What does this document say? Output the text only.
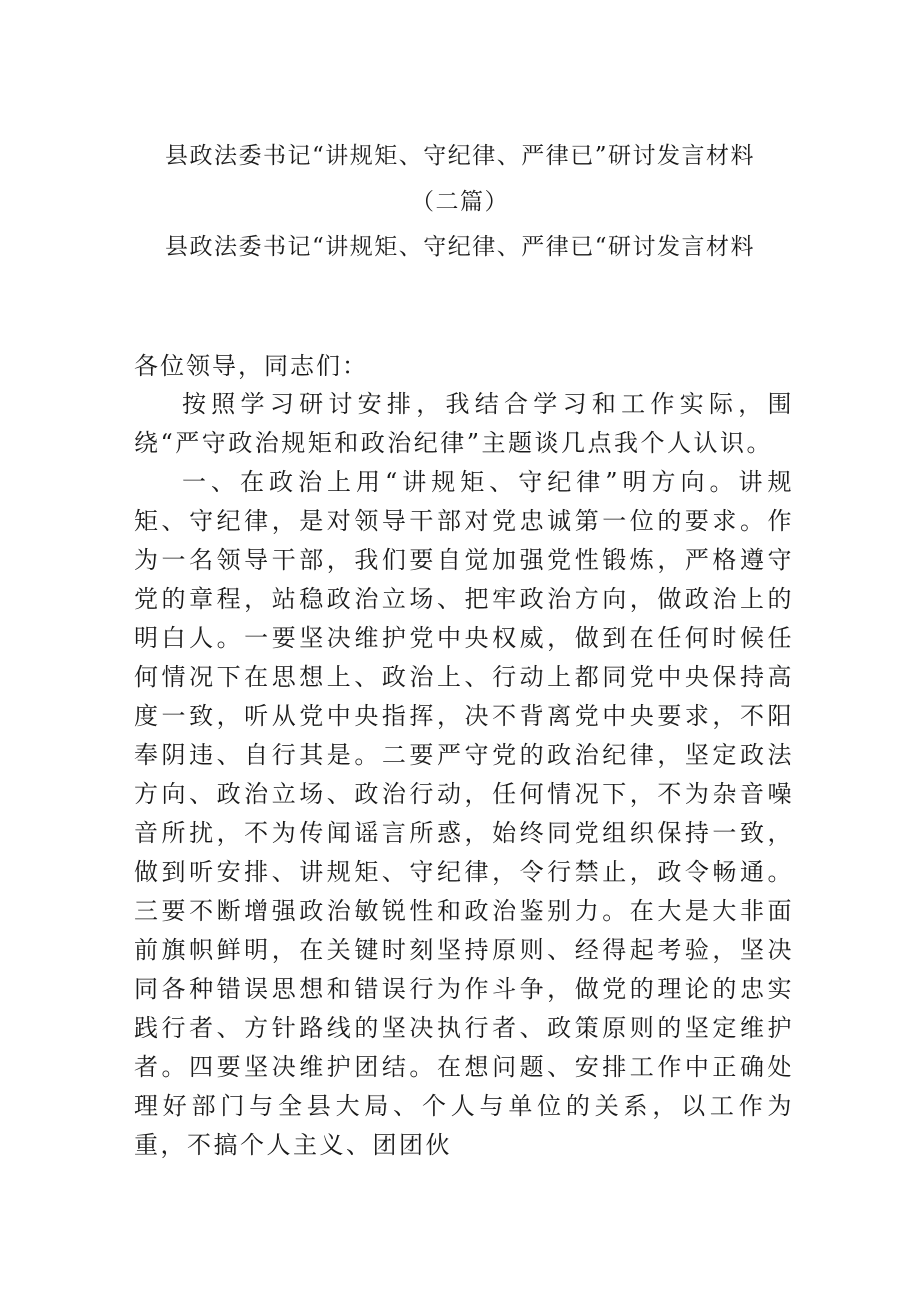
县政法委书记“讲规矩、守纪律、严律已”研讨发言材料
（二篇）
县政法委书记“讲规矩、守纪律、严律已“研讨发言材料
各位领导，同志们：

按照学习研讨安排，我结合学习和工作实际，围绕“严守政治规矩和政治纪律”主题谈几点我个人认识。

一、在政治上用“讲规矩、守纪律”明方向。讲规矩、守纪律，是对领导干部对党忠诚第一位的要求。作为一名领导干部，我们要自觉加强党性锻炼，严格遵守党的章程，站稳政治立场、把牢政治方向，做政治上的明白人。一要坚决维护党中央权威，做到在任何时候任何情况下在思想上、政治上、行动上都同党中央保持高度一致，听从党中央指挥，决不背离党中央要求，不阳奉阴违、自行其是。二要严守党的政治纪律，坚定政法方向、政治立场、政治行动，任何情况下，不为杂音噪音所扰，不为传闻谣言所惑，始终同党组织保持一致，做到听安排、讲规矩、守纪律，令行禁止，政令畅通。三要不断增强政治敏锐性和政治鉴别力。在大是大非面前旗帜鲜明，在关键时刻坚持原则、经得起考验，坚决同各种错误思想和错误行为作斗争，做党的理论的忠实践行者、方针路线的坚决执行者、政策原则的坚定维护者。四要坚决维护团结。在想问题、安排工作中正确处理好部门与全县大局、个人与单位的关系，以工作为重，不搞个人主义、团团伙
